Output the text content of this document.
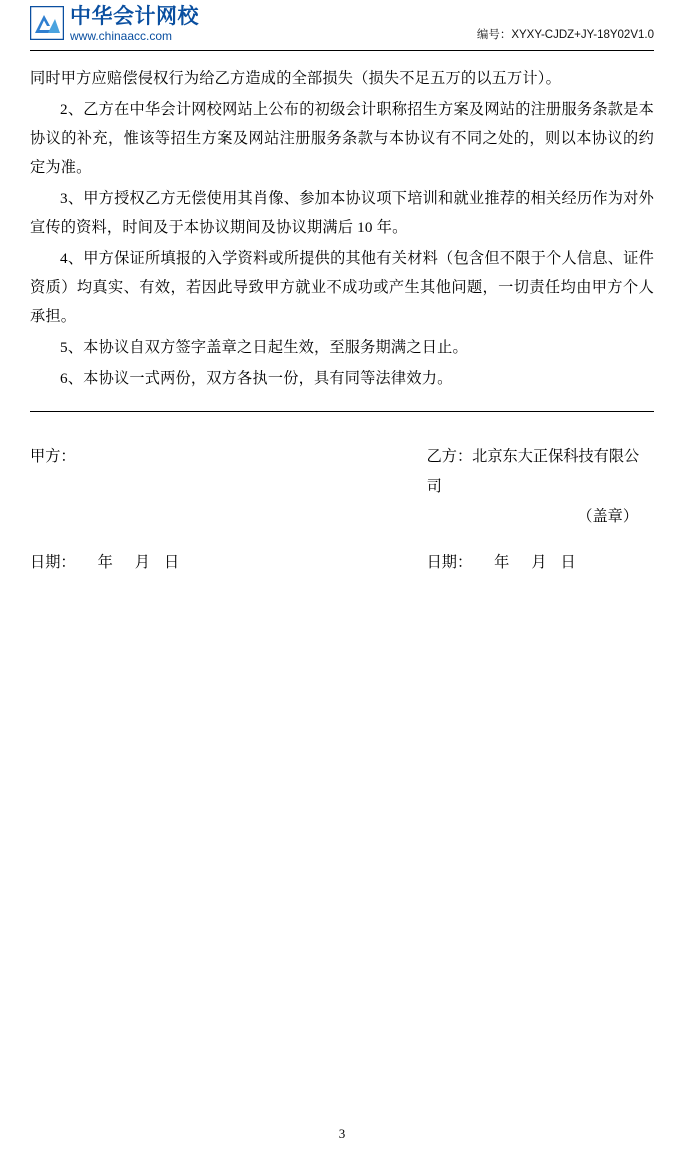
中华会计网校
www.chinaacc.com	编号：XYXY-CJDZ+JY-18Y02V1.0

同时甲方应赔偿侵权行为给乙方造成的全部损失（损失不足五万的以五万计）。

2、乙方在中华会计网校网站上公布的初级会计职称招生方案及网站的注册服务条款是本协议的补充，惟该等招生方案及网站注册服务条款与本协议有不同之处的，则以本协议的约定为准。

3、甲方授权乙方无偿使用其肖像、参加本协议项下培训和就业推荐的相关经历作为对外宣传的资料，时间及于本协议期间及协议期满后 10 年。

4、甲方保证所填报的入学资料或所提供的其他有关材料（包含但不限于个人信息、证件资质）均真实、有效，若因此导致甲方就业不成功或产生其他问题，一切责任均由甲方个人承担。

5、本协议自双方签字盖章之日起生效，至服务期满之日止。

6、本协议一式两份，双方各执一份，具有同等法律效力。

甲方：	乙方：北京东大正保科技有限公司
（盖章）
日期： 年 月 日	日期： 年 月 日
3
